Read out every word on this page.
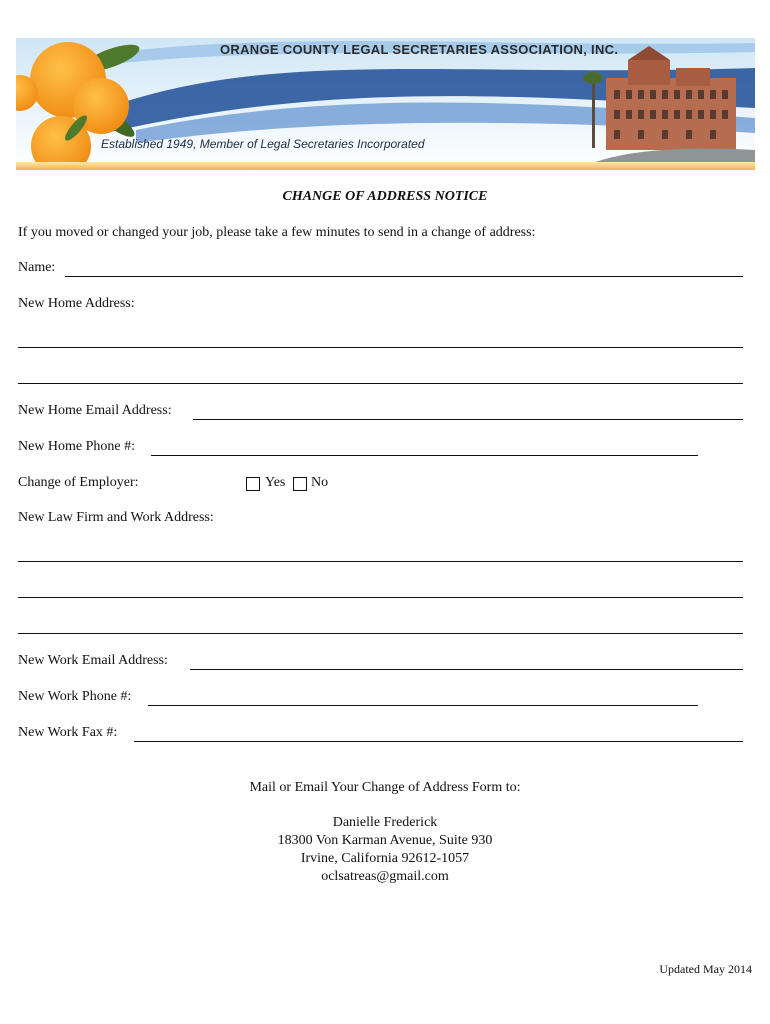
ORANGE COUNTY LEGAL SECRETARIES ASSOCIATION, INC.
Established 1949, Member of Legal Secretaries Incorporated
CHANGE OF ADDRESS NOTICE
If you moved or changed your job, please take a few minutes to send in a change of address:
Name:
New Home Address:
New Home Email Address:
New Home Phone #:
Change of Employer:	Yes No
New Law Firm and Work Address:
New Work Email Address:
New Work Phone #:
New Work Fax #:
Mail or Email Your Change of Address Form to:
Danielle Frederick
18300 Von Karman Avenue, Suite 930
Irvine, California 92612-1057
oclsatreas@gmail.com
Updated May 2014
